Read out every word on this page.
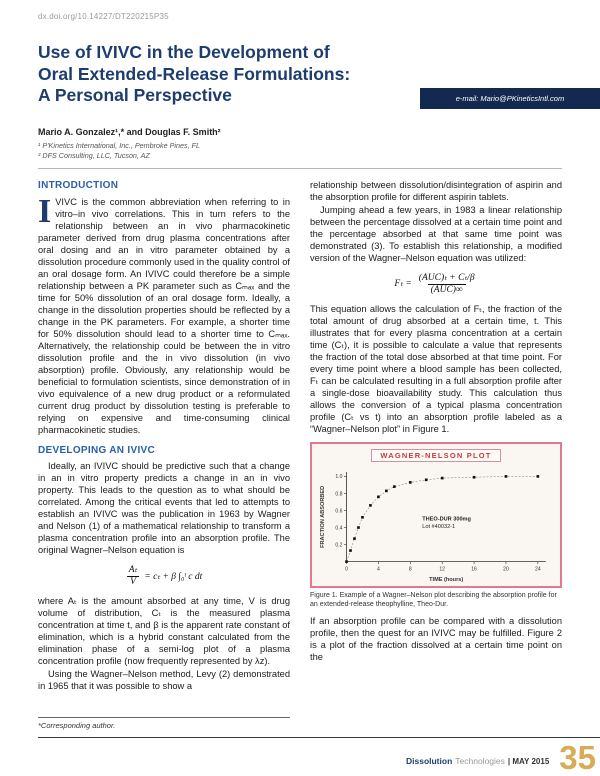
dx.doi.org/10.14227/DT220215P35
Use of IVIVC in the Development of
Oral Extended-Release Formulations:
A Personal Perspective	e-mail: Mario@PKineticsIntl.com
Mario A. Gonzalez¹,* and Douglas F. Smith²
¹ P'Kinetics International, Inc., Pembroke Pines, FL
² DFS Consulting, LLC, Tucson, AZ
INTRODUCTION
IVIVC is the common abbreviation when referring to in vitro–in vivo correlations. This in turn refers to the relationship between an in vivo pharmacokinetic parameter derived from drug plasma concentrations after oral dosing and an in vitro parameter obtained by a dissolution procedure commonly used in the quality control of an oral dosage form. An IVIVC could therefore be a simple relationship between a PK parameter such as Cₘₐₓ and the time for 50% dissolution of an oral dosage form. Ideally, a change in the dissolution properties should be reflected by a change in the PK parameters. For example, a shorter time for 50% dissolution should lead to a shorter time to Cₘₐₓ. Alternatively, the relationship could be between the in vitro dissolution profile and the in vivo dissolution (in vivo absorption) profile. Obviously, any relationship would be beneficial to formulation scientists, since demonstration of in vivo equivalence of a new drug product or a reformulated current drug product by dissolution testing is preferable to relying on expensive and time-consuming clinical pharmacokinetic studies.
DEVELOPING AN IVIVC
Ideally, an IVIVC should be predictive such that a change in an in vitro property predicts a change in an in vivo property. This leads to the question as to what should be correlated. Among the critical events that led to attempts to establish an IVIVC was the publication in 1963 by Wagner and Nelson (1) of a mathematical relationship to transform a plasma concentration profile into an absorption profile. The original Wagner–Nelson equation is
$\frac{\text{Aₜ}}{V} = c_t + \beta$ ∫₀ᵗ c dt
where Aₜ is the amount absorbed at any time, V is drug volume of distribution, Cₜ is the measured plasma concentration at time t, and β is the apparent rate constant of elimination, which is a hybrid constant calculated from the elimination phase of a semi-log plot of a plasma concentration profile (now frequently represented by λz).
Using the Wagner–Nelson method, Levy (2) demonstrated in 1965 that it was possible to show a
relationship between dissolution/disintegration of aspirin and the absorption profile for different aspirin tablets.
Jumping ahead a few years, in 1983 a linear relationship between the percentage dissolved at a certain time point and the percentage absorbed at that same time point was demonstrated (3). To establish this relationship, a modified version of the Wagner–Nelson equation was utilized:
$F_t = \frac{\text{(AUC)ₜ + Cₜ/β}}{\text{(AUC)∞}}$
This equation allows the calculation of Fₜ, the fraction of the total amount of drug absorbed at a certain time, t. This illustrates that for every plasma concentration at a certain time (Cₜ), it is possible to calculate a value that represents the fraction of the total dose absorbed at that time point. For every time point where a blood sample has been collected, Fₜ can be calculated resulting in a full absorption profile after a single-dose bioavailability study. This calculation thus allows the conversion of a typical plasma concentration profile (Cₜ vs t) into an absorption profile labeled as a “Wagner–Nelson plot” in Figure 1.
WAGNER-NELSON PLOT
0	4	8	12	16	20	24
0.2
0.4
0.6
0.8
1.0
TIME (hours)
FRACTION ABSORBED	THEO-DUR 300mg
Lot #40032-1
Figure 1. Example of a Wagner–Nelson plot describing the absorption profile for an extended-release theophylline, Theo-Dur.
If an absorption profile can be compared with a dissolution profile, then the quest for an IVIVC may be fulfilled. Figure 2 is a plot of the fraction dissolved at a certain time point on the
*Corresponding author.
Dissolution Technologies | MAY 2015 35
